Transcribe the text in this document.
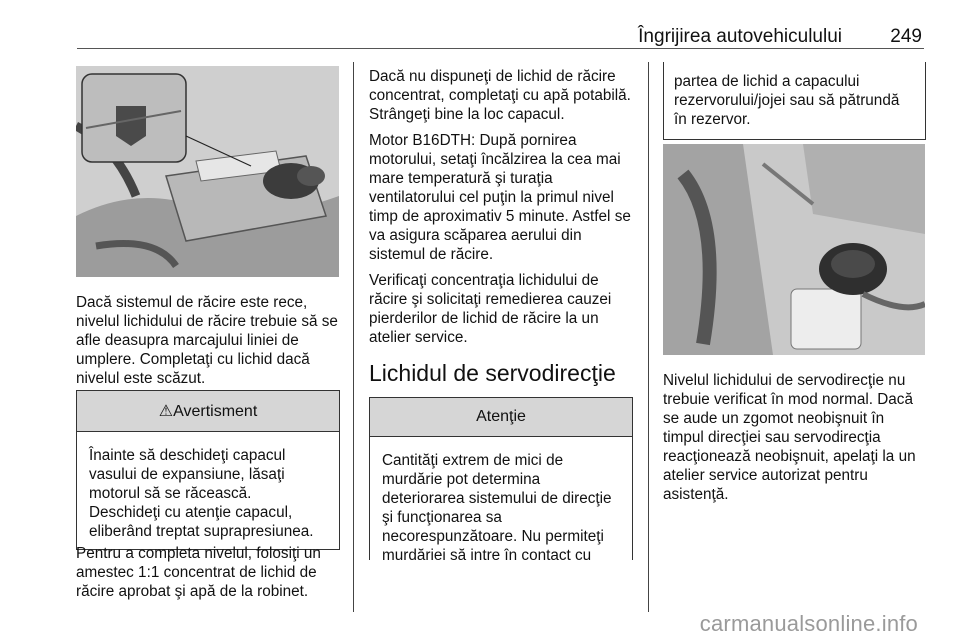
Îngrijirea autovehiculului	249

Dacă sistemul de răcire este rece, nivelul lichidului de răcire trebuie să se afle deasupra marcajului liniei de umplere. Completaţi cu lichid dacă nivelul este scăzut.

⚠Avertisment
Înainte să deschideţi capacul vasului de expansiune, lăsaţi motorul să se răcească. Deschideţi cu atenţie capacul, eliberând treptat suprapresiunea.

Pentru a completa nivelul, folosiţi un amestec 1:1 concentrat de lichid de răcire aprobat şi apă de la robinet.

Dacă nu dispuneţi de lichid de răcire concentrat, completaţi cu apă potabilă. Strângeţi bine la loc capacul.

Motor B16DTH: După pornirea motorului, setaţi încălzirea la cea mai mare temperatură şi turaţia ventilatorului cel puţin la primul nivel timp de aproximativ 5 minute. Astfel se va asigura scăparea aerului din sistemul de răcire.

Verificaţi concentraţia lichidului de răcire şi solicitaţi remedierea cauzei pierderilor de lichid de răcire la un atelier service.

Lichidul de servodirecţie
Atenţie
Cantităţi extrem de mici de murdărie pot determina deteriorarea sistemului de direcţie şi funcţionarea sa necorespunzătoare. Nu permiteţi murdăriei să intre în contact cu
partea de lichid a capacului rezervorului/jojei sau să pătrundă în rezervor.

Nivelul lichidului de servodirecţie nu trebuie verificat în mod normal. Dacă se aude un zgomot neobişnuit în timpul direcţiei sau servodirecţia reacţionează neobişnuit, apelaţi la un atelier service autorizat pentru asistenţă.

carmanualsonline.info
